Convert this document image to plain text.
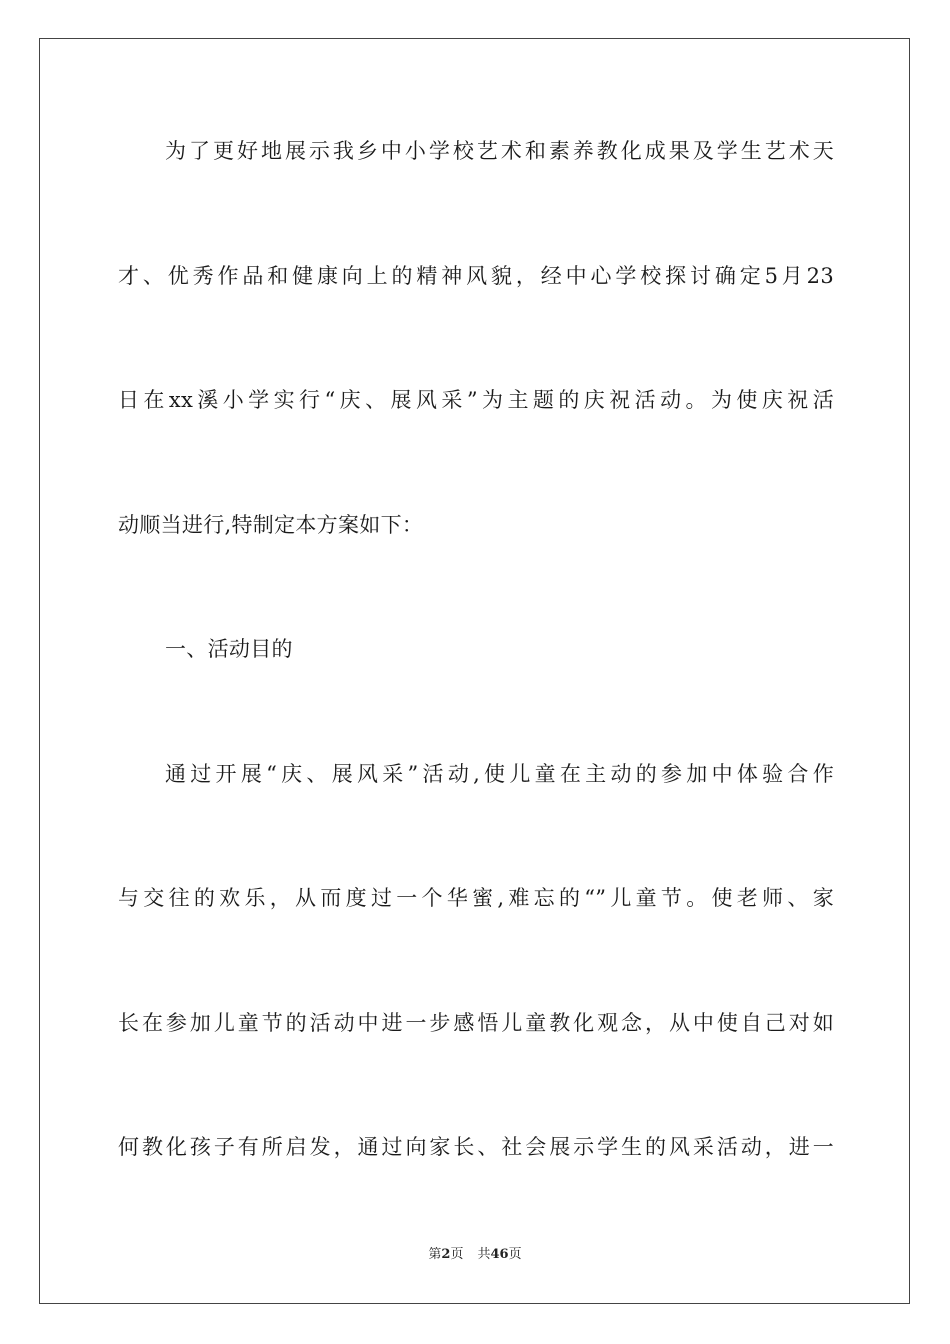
为了更好地展示我乡中小学校艺术和素养教化成果及学生艺术天
才、优秀作品和健康向上的精神风貌，经中心学校探讨确定5月23
日在xx溪小学实行“庆、展风采”为主题的庆祝活动。为使庆祝活
动顺当进行,特制定本方案如下：
一、活动目的
通过开展“庆、展风采”活动,使儿童在主动的参加中体验合作
与交往的欢乐，从而度过一个华蜜,难忘的“”儿童节。使老师、家
长在参加儿童节的活动中进一步感悟儿童教化观念，从中使自己对如
何教化孩子有所启发，通过向家长、社会展示学生的风采活动，进一
第2页 共46页
